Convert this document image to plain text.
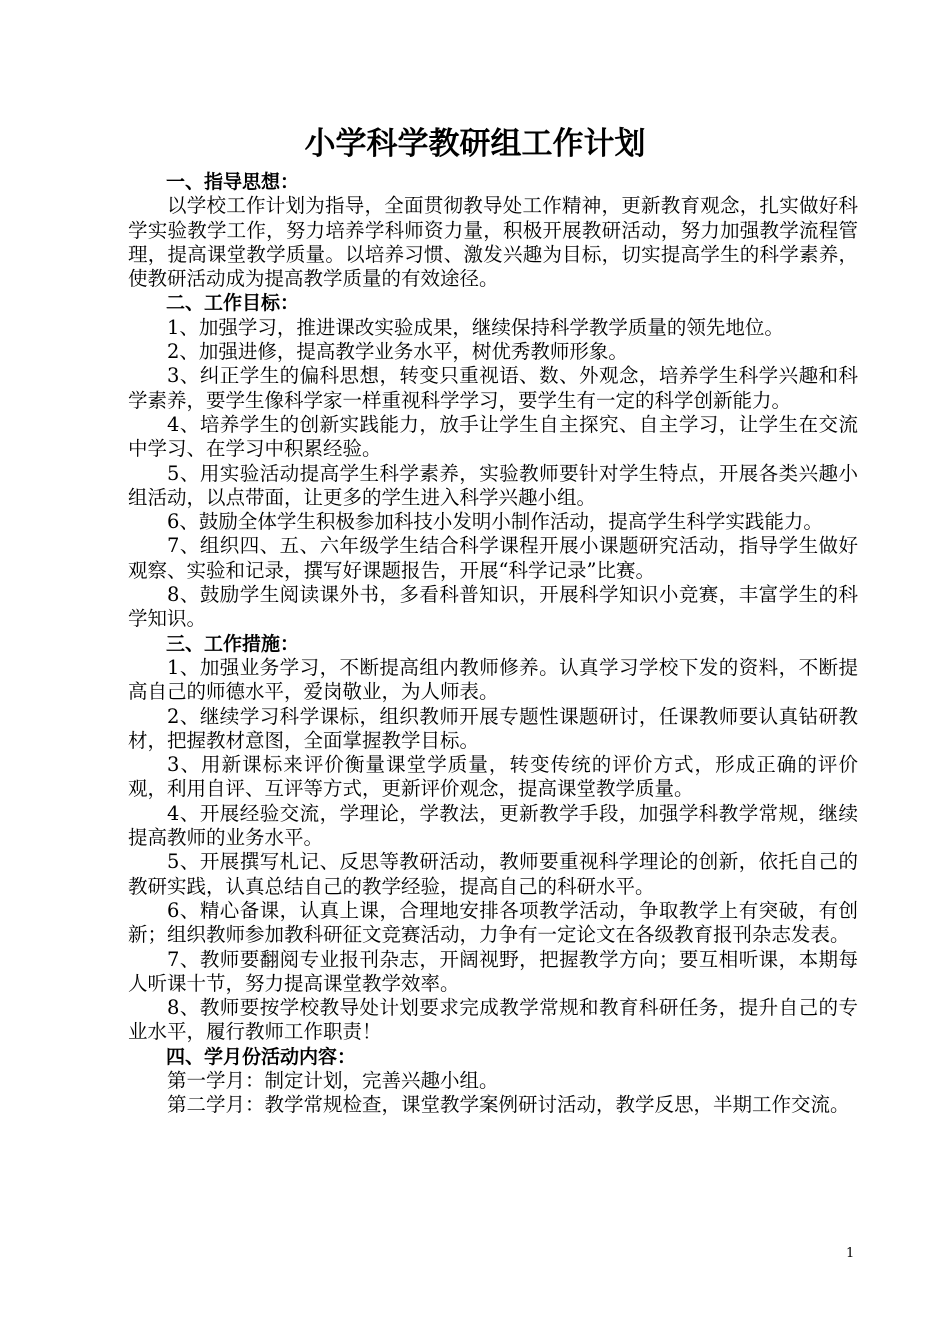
小学科学教研组工作计划

一、指导思想：

以学校工作计划为指导，全面贯彻教导处工作精神，更新教育观念，扎实做好科学实验教学工作，努力培养学科师资力量，积极开展教研活动，努力加强教学流程管理，提高课堂教学质量。以培养习惯、激发兴趣为目标，切实提高学生的科学素养，使教研活动成为提高教学质量的有效途径。

二、工作目标：

1、加强学习，推进课改实验成果，继续保持科学教学质量的领先地位。

2、加强进修，提高教学业务水平，树优秀教师形象。

3、纠正学生的偏科思想，转变只重视语、数、外观念，培养学生科学兴趣和科学素养，要学生像科学家一样重视科学学习，要学生有一定的科学创新能力。

4、培养学生的创新实践能力，放手让学生自主探究、自主学习，让学生在交流中学习、在学习中积累经验。

5、用实验活动提高学生科学素养，实验教师要针对学生特点，开展各类兴趣小组活动，以点带面，让更多的学生进入科学兴趣小组。

6、鼓励全体学生积极参加科技小发明小制作活动，提高学生科学实践能力。

7、组织四、五、六年级学生结合科学课程开展小课题研究活动，指导学生做好观察、实验和记录，撰写好课题报告，开展“科学记录”比赛。

8、鼓励学生阅读课外书，多看科普知识，开展科学知识小竞赛，丰富学生的科学知识。

三、工作措施：

1、加强业务学习，不断提高组内教师修养。认真学习学校下发的资料，不断提高自己的师德水平，爱岗敬业，为人师表。

2、继续学习科学课标，组织教师开展专题性课题研讨，任课教师要认真钻研教材，把握教材意图，全面掌握教学目标。

3、用新课标来评价衡量课堂学质量，转变传统的评价方式，形成正确的评价观，利用自评、互评等方式，更新评价观念，提高课堂教学质量。

4、开展经验交流，学理论，学教法，更新教学手段，加强学科教学常规，继续提高教师的业务水平。

5、开展撰写札记、反思等教研活动，教师要重视科学理论的创新，依托自己的教研实践，认真总结自己的教学经验，提高自己的科研水平。

6、精心备课，认真上课，合理地安排各项教学活动，争取教学上有突破，有创新；组织教师参加教科研征文竞赛活动，力争有一定论文在各级教育报刊杂志发表。

7、教师要翻阅专业报刊杂志，开阔视野，把握教学方向；要互相听课，本期每人听课十节，努力提高课堂教学效率。

8、教师要按学校教导处计划要求完成教学常规和教育科研任务，提升自己的专业水平，履行教师工作职责！

四、学月份活动内容：

第一学月：制定计划，完善兴趣小组。

第二学月：教学常规检查，课堂教学案例研讨活动，教学反思，半期工作交流。

1
